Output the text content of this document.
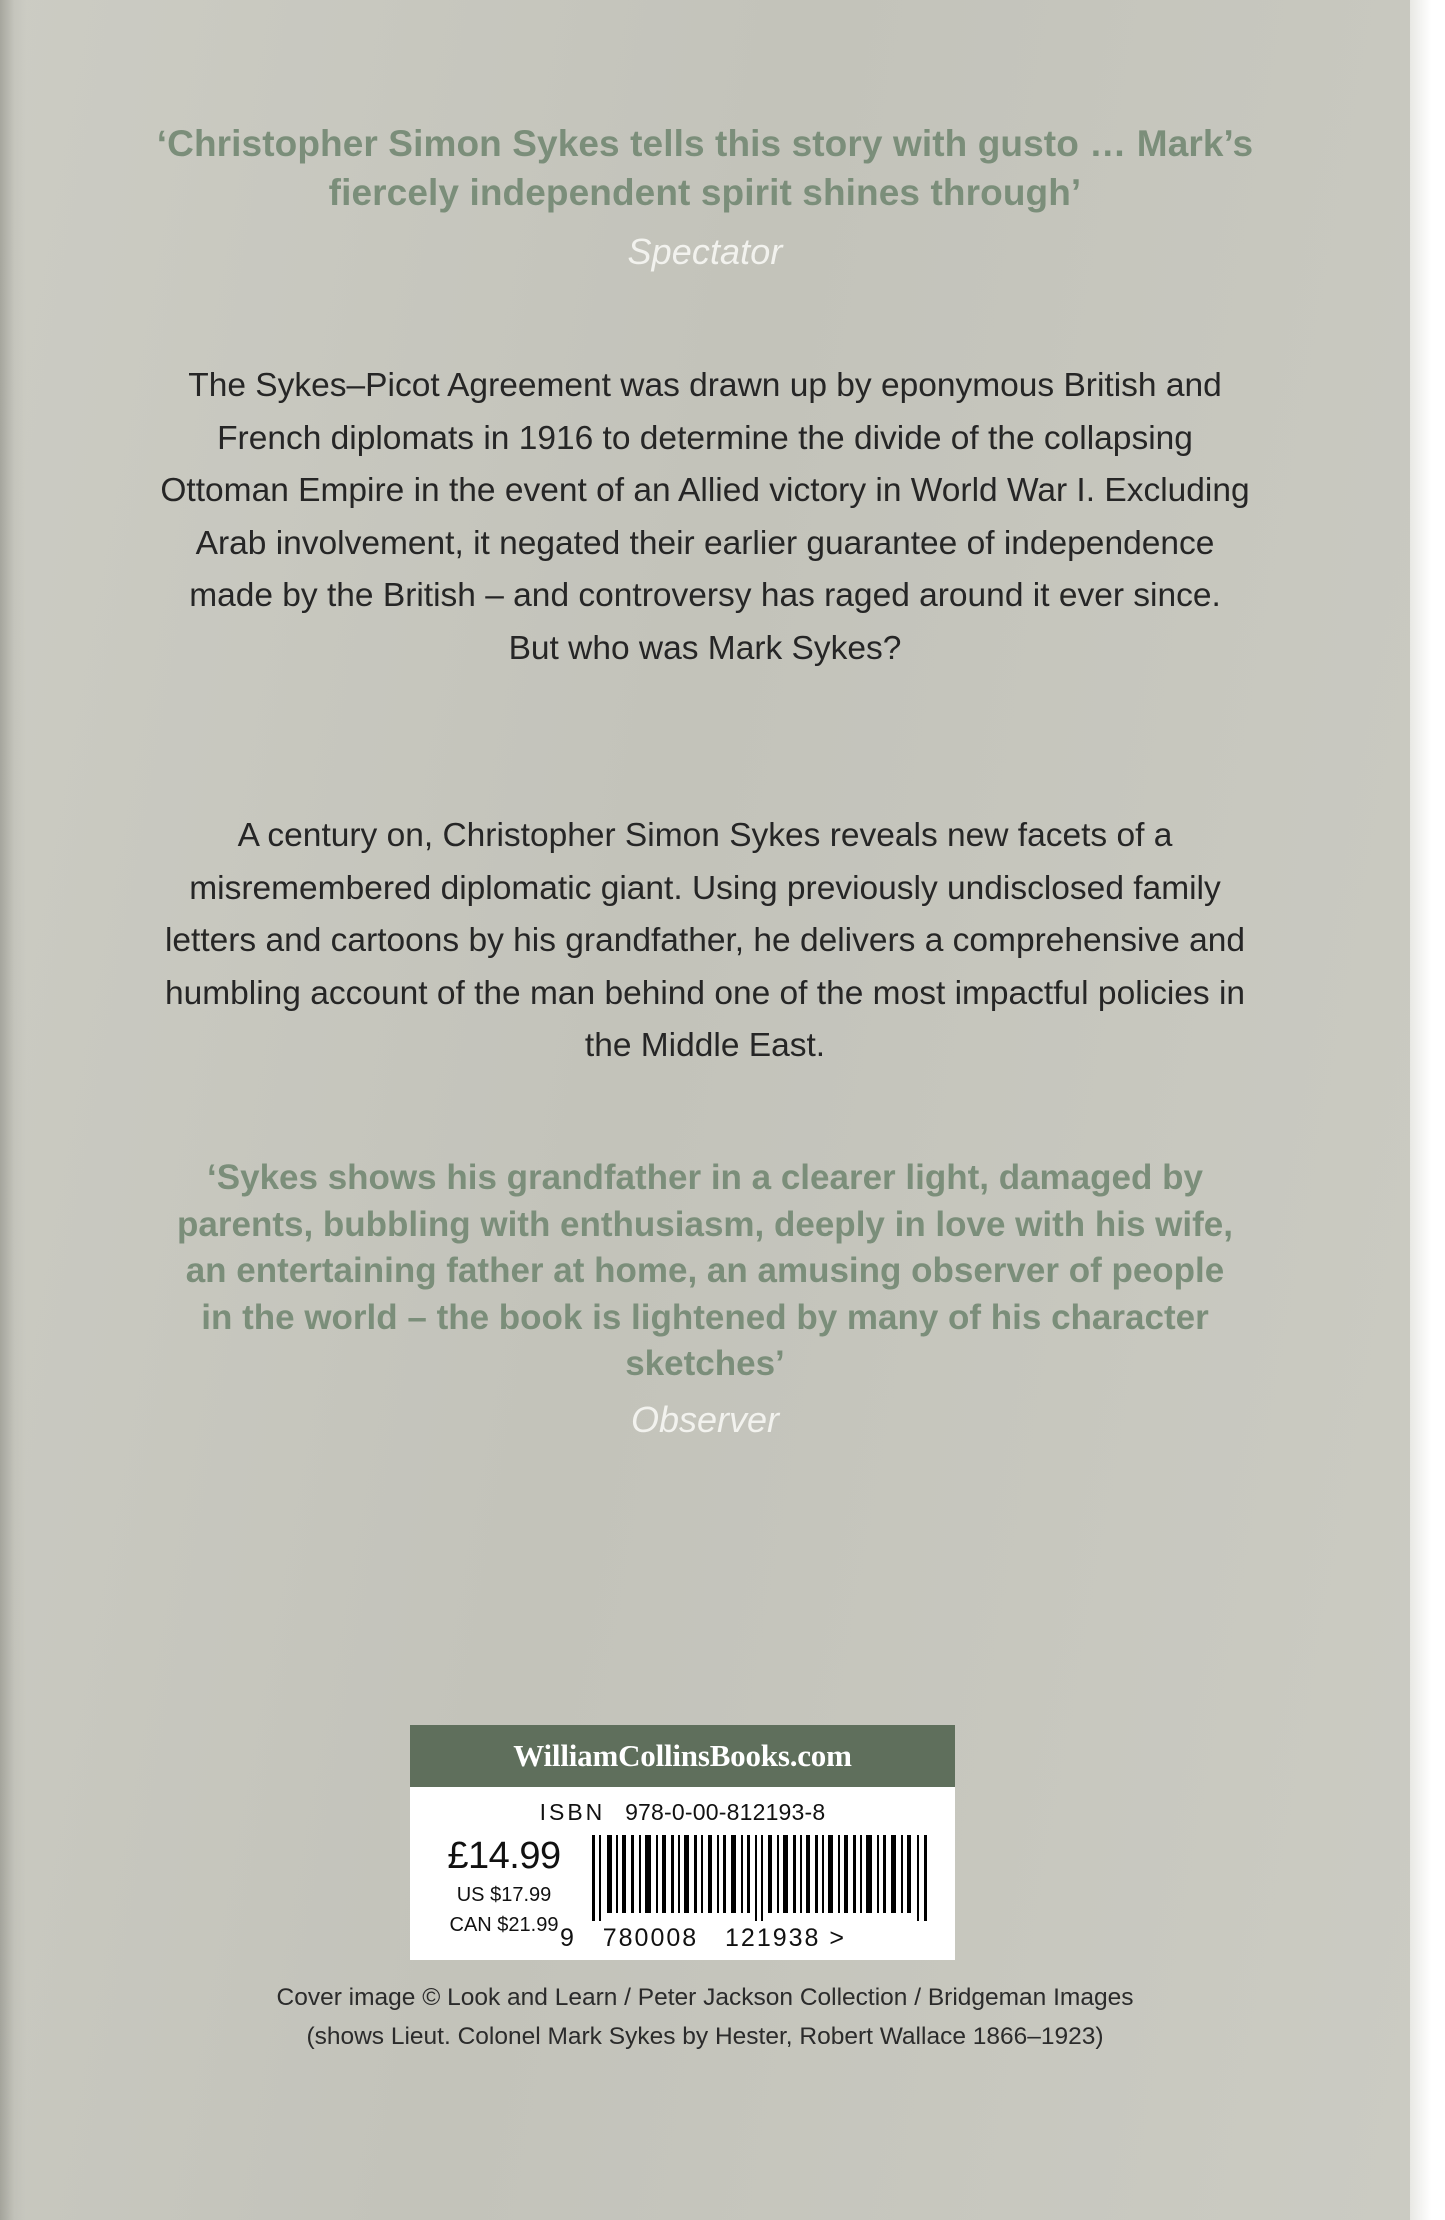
‘Christopher Simon Sykes tells this story with gusto … Mark’s fiercely independent spirit shines through’
Spectator
The Sykes–Picot Agreement was drawn up by eponymous British and French diplomats in 1916 to determine the divide of the collapsing Ottoman Empire in the event of an Allied victory in World War I. Excluding Arab involvement, it negated their earlier guarantee of independence made by the British – and controversy has raged around it ever since. But who was Mark Sykes?
A century on, Christopher Simon Sykes reveals new facets of a misremembered diplomatic giant. Using previously undisclosed family letters and cartoons by his grandfather, he delivers a comprehensive and humbling account of the man behind one of the most impactful policies in the Middle East.
‘Sykes shows his grandfather in a clearer light, damaged by parents, bubbling with enthusiasm, deeply in love with his wife, an entertaining father at home, an amusing observer of people in the world – the book is lightened by many of his character sketches’
Observer
WilliamCollinsBooks.com
ISBN 978-0-00-812193-8
£14.99
US $17.99
CAN $21.99 9 780008 121938 >
Cover image © Look and Learn / Peter Jackson Collection / Bridgeman Images
(shows Lieut. Colonel Mark Sykes by Hester, Robert Wallace 1866–1923)
